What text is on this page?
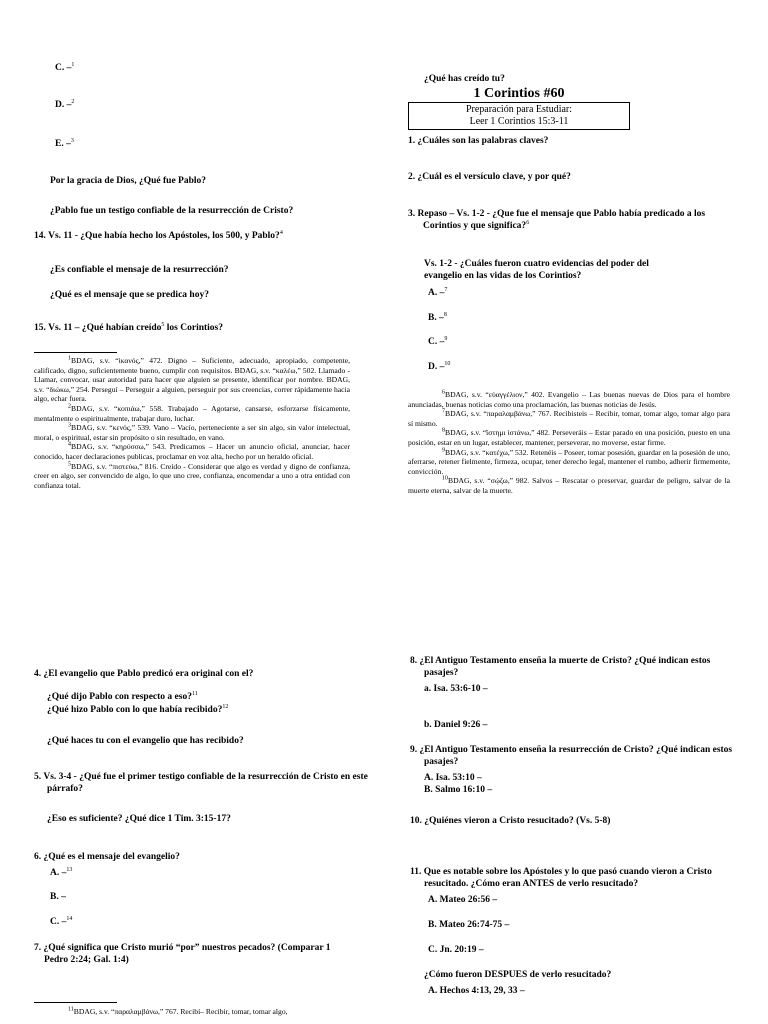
C. –$^1$
D. –$^2$
E. –$^3$
Por la gracia de Dios, ¿Qué fue Pablo?
¿Pablo fue un testigo confiable de la resurrección de Cristo?
14. Vs. 11 - ¿Que había hecho los Apóstoles, los 500, y Pablo?$^4$
¿Es confiable el mensaje de la resurrección?
¿Qué es el mensaje que se predica hoy?
15. Vs. 11 – ¿Qué habían creído$^5$ los Corintios?

$^1$BDAG, s.v. “ἱκανός,” 472. Digno – Suficiente, adecuado, apropiado, competente, calificado, digno, suficientemente bueno, cumplir con requisitos. BDAG, s.v. “καλέω,” 502. Llamado - Llamar, convocar, usar autoridad para hacer que alguien se presente, identificar por nombre. BDAG, s.v. “διώκω,” 254. Perseguí – Perseguir a alguien, perseguir por sus creencias, correr rápidamente hacia algo, echar fuera.

$^2$BDAG, s.v. “κοπιάω,” 558. Trabajado – Agotarse, cansarse, esforzarse físicamente, mentalmente o espiritualmente, trabajar duro, luchar.

$^3$BDAG, s.v. “κενός,” 539. Vano – Vacío, perteneciente a ser sin algo, sin valor intelectual, moral, o espiritual, estar sin propósito o sin resultado, en vano.

$^4$BDAG, s.v. “κηρύσσω,” 543. Predicamos – Hacer un anuncio oficial, anunciar, hacer conocido, hacer declaraciones publicas, proclamar en voz alta, hecho por un heraldo oficial.

$^5$BDAG, s.v. “πιστεύω,” 816. Creído - Considerar que algo es verdad y digno de confianza, creer en algo, ser convencido de algo, lo que uno cree, confianza, encomendar a uno a otra entidad con confianza total.

¿Qué has creído tu?
1 Corintios #60
Preparación para Estudiar:
Leer 1 Corintios 15:3-11
1. ¿Cuáles son las palabras claves?
2. ¿Cuál es el versículo clave, y por qué?
3. Repaso – Vs. 1-2 - ¿Que fue el mensaje que Pablo había predicado a los Corintios y que significa?$^6$
Vs. 1-2 - ¿Cuáles fueron cuatro evidencias del poder del evangelio en las vidas de los Corintios?
A. –$^7$
B. –$^8$
C. –$^9$
D. –$^{10}$

$^6$BDAG, s.v. “εὐαγγέλιον,” 402. Evangelio – Las buenas nuevas de Dios para el hombre anunciadas, buenas noticias como una proclamación, las buenas noticias de Jesús.

$^7$BDAG, s.v. “παραλαμβάνω,” 767. Recibisteis – Recibir, tomar, tomar algo, tomar algo para sí mismo.

$^8$BDAG, s.v. “ἵστημι ἱστάνω,” 482. Perseveráis – Estar parado en una posición, puesto en una posición, estar en un lugar, establecer, mantener, perseverar, no moverse, estar firme.

$^9$BDAG, s.v. “κατέχω,” 532. Retenéis – Poseer, tomar posesión, guardar en la posesión de uno, aferrarse, retener fielmente, firmeza, ocupar, tener derecho legal, mantener el rumbo, adherir firmemente, convicción.

$^{10}$BDAG, s.v. “σῴζω,” 982. Salvos – Rescatar o preservar, guardar de peligro, salvar de la muerte eterna, salvar de la muerte.

4. ¿El evangelio que Pablo predicó era original con el?
¿Qué dijo Pablo con respecto a eso?$^{11}$
¿Qué hizo Pablo con lo que había recibido?$^{12}$
¿Qué haces tu con el evangelio que has recibido?
5. Vs. 3-4 - ¿Qué fue el primer testigo confiable de la resurrección de Cristo en este párrafo?
¿Eso es suficiente? ¿Qué dice 1 Tim. 3:15-17?
6. ¿Qué es el mensaje del evangelio?
A. –$^{13}$
B. –
C. –$^{14}$
7. ¿Qué significa que Cristo murió “por” nuestros pecados? (Comparar 1 Pedro 2:24; Gal. 1:4)
$^{11}$BDAG, s.v. “παραλαμβάνω,” 767. Recibí– Recibir, tomar, tomar algo,
8. ¿El Antiguo Testamento enseña la muerte de Cristo? ¿Qué indican estos pasajes?
a. Isa. 53:6-10 –
b. Daniel 9:26 –
9. ¿El Antiguo Testamento enseña la resurrección de Cristo? ¿Qué indican estos pasajes?
A. Isa. 53:10 –
B. Salmo 16:10 –
10. ¿Quiénes vieron a Cristo resucitado? (Vs. 5-8)
11. Que es notable sobre los Apóstoles y lo que pasó cuando vieron a Cristo resucitado. ¿Cómo eran ANTES de verlo resucitado?
A. Mateo 26:56 –
B. Mateo 26:74-75 –
C. Jn. 20:19 –
¿Cómo fueron DESPUES de verlo resucitado?
A. Hechos 4:13, 29, 33 –
